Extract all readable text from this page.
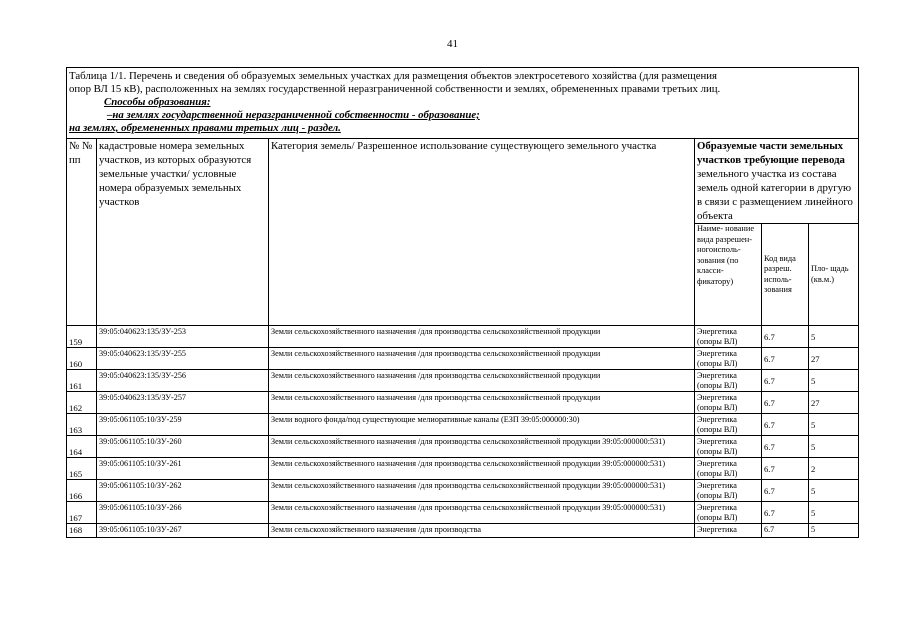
41
Таблица 1/1. Перечень и сведения об образуемых земельных участках для размещения объектов электросетевого хозяйства (для размещения
опор ВЛ 15 кВ), расположенных на землях государственной неразграниченной собственности и землях, обремененных правами третьих лиц.
Способы образования:
–на землях государственной неразграниченной собственности - образование;
на землях, обремененных правами третьих лиц - раздел.					

№ № пп	кадастровые номера земельных участков, из которых образуются земельные участки/ условные номера образуемых земельных участков	Категория земель/ Разрешенное использование существующего земельного участка	Образуемые части земельных участков требующие перевода земельного участка из состава земель одной категории в другую в связи с размещением линейного объекта		
			Наиме- нование вида разрешен- ногоисполь- зования (по класси- фикатору)	Код вида разреш. исполь- зования	Пло- щадь (кв.м.)
159	39:05:040623:135/ЗУ-253	Земли сельскохозяйственного назначения /для производства сельскохозяйственной продукции	Энергетика (опоры ВЛ)	6.7	5
160	39:05:040623:135/ЗУ-255	Земли сельскохозяйственного назначения /для производства сельскохозяйственной продукции	Энергетика (опоры ВЛ)	6.7	27
161	39:05:040623:135/ЗУ-256	Земли сельскохозяйственного назначения /для производства сельскохозяйственной продукции	Энергетика (опоры ВЛ)	6.7	5
162	39:05:040623:135/ЗУ-257	Земли сельскохозяйственного назначения /для производства сельскохозяйственной продукции	Энергетика (опоры ВЛ)	6.7	27
163	39:05:061105:10/ЗУ-259	Земли водного фонда/под существующие мелиоративные каналы (ЕЗП 39:05:000000:30)	Энергетика (опоры ВЛ)	6.7	5
164	39:05:061105:10/ЗУ-260	Земли сельскохозяйственного назначения /для производства сельскохозяйственной продукции 39:05:000000:531)	Энергетика (опоры ВЛ)	6.7	5
165	39:05:061105:10/ЗУ-261	Земли сельскохозяйственного назначения /для производства сельскохозяйственной продукции 39:05:000000:531)	Энергетика (опоры ВЛ)	6.7	2
166	39:05:061105:10/ЗУ-262	Земли сельскохозяйственного назначения /для производства сельскохозяйственной продукции 39:05:000000:531)	Энергетика (опоры ВЛ)	6.7	5
167	39:05:061105:10/ЗУ-266	Земли сельскохозяйственного назначения /для производства сельскохозяйственной продукции 39:05:000000:531)	Энергетика (опоры ВЛ)	6.7	5
168	39:05:061105:10/ЗУ-267	Земли сельскохозяйственного назначения /для производства	Энергетика	6.7	5
